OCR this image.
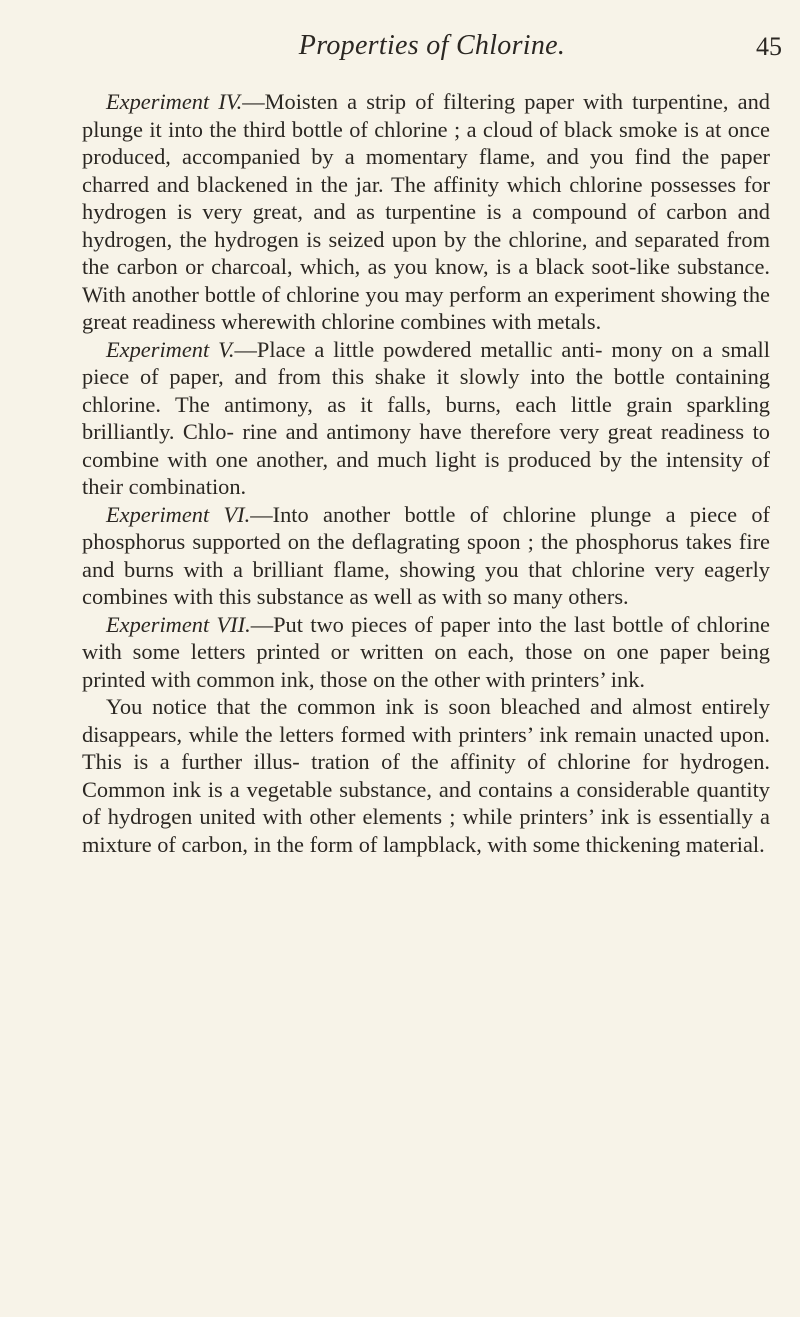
Properties of Chlorine.	45

Experiment IV.—Moisten a strip of filtering paper with turpentine, and plunge it into the third bottle of chlorine ; a cloud of black smoke is at once produced, accompanied by a momentary flame, and you find the paper charred and blackened in the jar. The affinity which chlorine possesses for hydrogen is very great, and as turpentine is a compound of carbon and hydrogen, the hydrogen is seized upon by the chlorine, and separated from the carbon or charcoal, which, as you know, is a black soot-like substance. With another bottle of chlorine you may perform an experiment showing the great readiness wherewith chlorine combines with metals.

Experiment V.—Place a little powdered metallic anti- mony on a small piece of paper, and from this shake it slowly into the bottle containing chlorine. The antimony, as it falls, burns, each little grain sparkling brilliantly. Chlo- rine and antimony have therefore very great readiness to combine with one another, and much light is produced by the intensity of their combination.

Experiment VI.—Into another bottle of chlorine plunge a piece of phosphorus supported on the deflagrating spoon ; the phosphorus takes fire and burns with a brilliant flame, showing you that chlorine very eagerly combines with this substance as well as with so many others.

Experiment VII.—Put two pieces of paper into the last bottle of chlorine with some letters printed or written on each, those on one paper being printed with common ink, those on the other with printers’ ink.

You notice that the common ink is soon bleached and almost entirely disappears, while the letters formed with printers’ ink remain unacted upon. This is a further illus- tration of the affinity of chlorine for hydrogen. Common ink is a vegetable substance, and contains a considerable quantity of hydrogen united with other elements ; while printers’ ink is essentially a mixture of carbon, in the form of lampblack, with some thickening material.
